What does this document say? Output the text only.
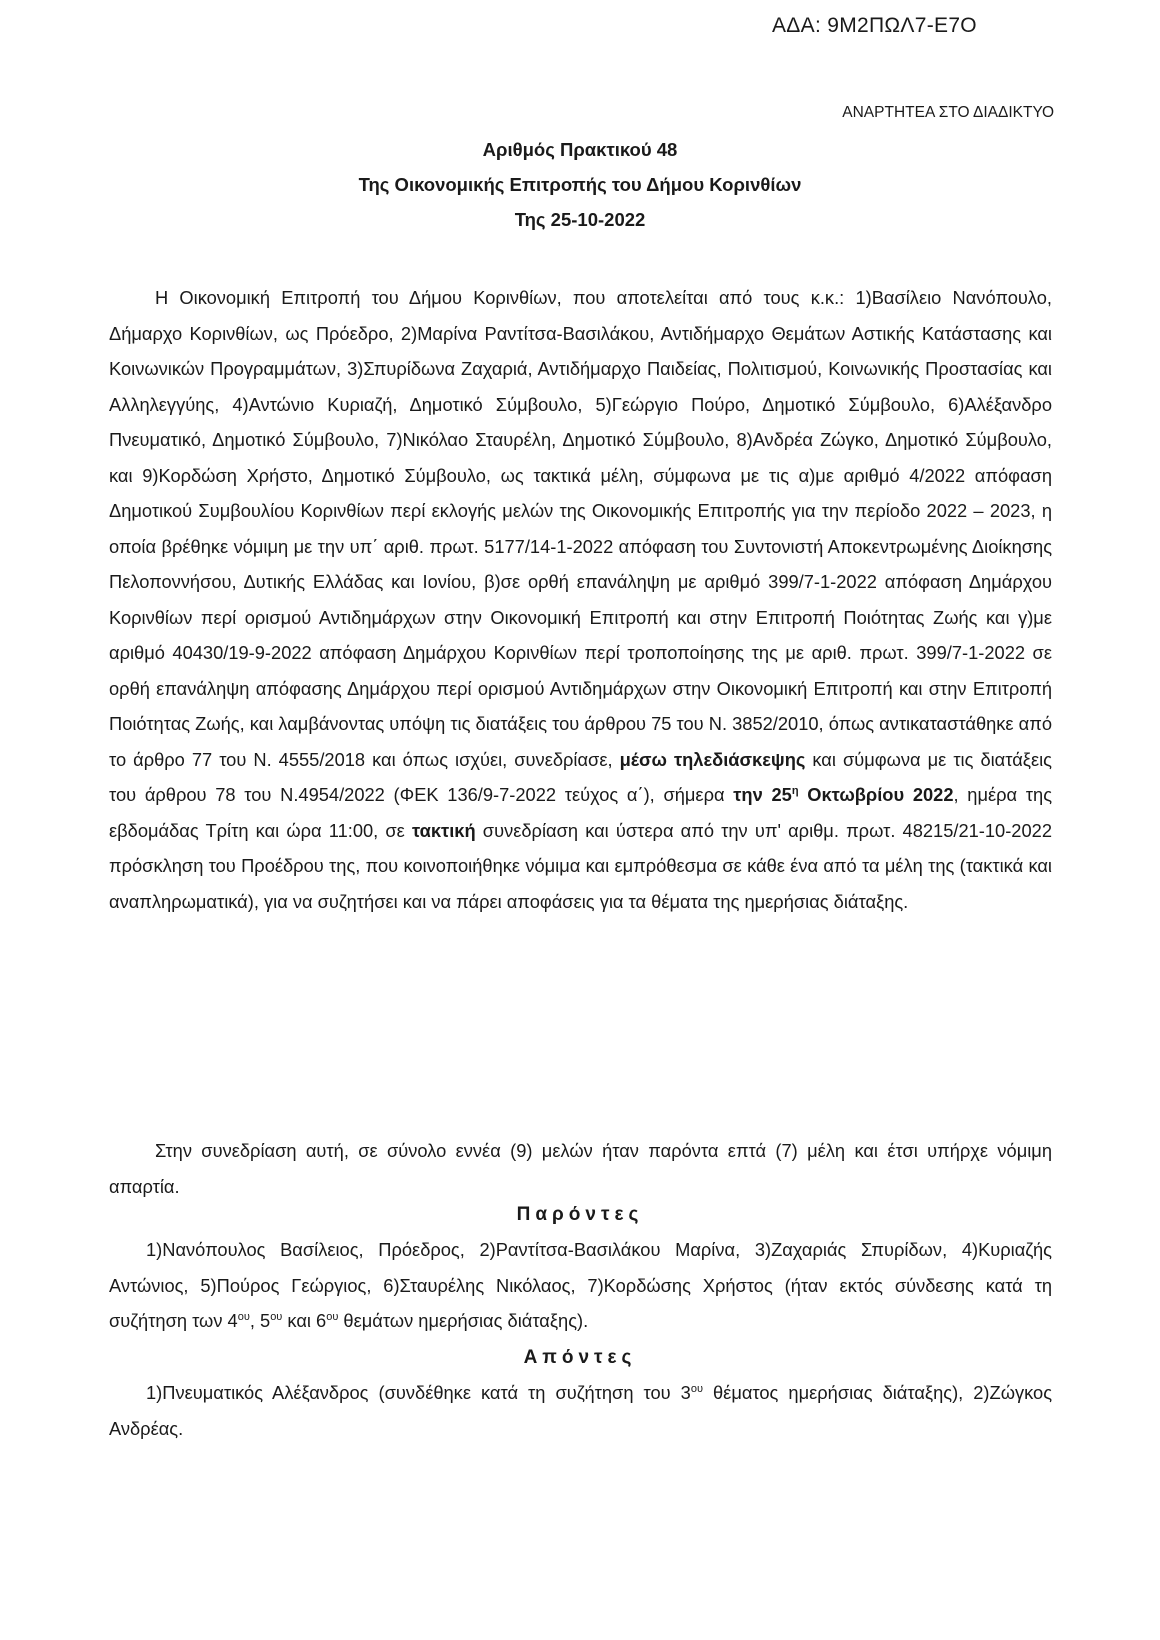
ΑΔΑ: 9Μ2ΠΩΛ7-Ε7Ο
ΑΝΑΡΤΗΤΕΑ ΣΤΟ ΔΙΑΔΙΚΤΥΟ
Αριθμός Πρακτικού 48
Της Οικονομικής Επιτροπής του Δήμου Κορινθίων
Της 25-10-2022
Η Οικονομική Επιτροπή του Δήμου Κορινθίων, που αποτελείται από τους κ.κ.: 1)Βασίλειο Νανόπουλο, Δήμαρχο Κορινθίων, ως Πρόεδρο, 2)Μαρίνα Ραντίτσα-Βασιλάκου, Αντιδήμαρχο Θεμάτων Αστικής Κατάστασης και Κοινωνικών Προγραμμάτων, 3)Σπυρίδωνα Ζαχαριά, Αντιδήμαρχο Παιδείας, Πολιτισμού, Κοινωνικής Προστασίας και Αλληλεγγύης, 4)Αντώνιο Κυριαζή, Δημοτικό Σύμβουλο, 5)Γεώργιο Πούρο, Δημοτικό Σύμβουλο, 6)Αλέξανδρο Πνευματικό, Δημοτικό Σύμβουλο, 7)Νικόλαο Σταυρέλη, Δημοτικό Σύμβουλο, 8)Ανδρέα Ζώγκο, Δημοτικό Σύμβουλο, και 9)Κορδώση Χρήστο, Δημοτικό Σύμβουλο, ως τακτικά μέλη, σύμφωνα με τις α)με αριθμό 4/2022 απόφαση Δημοτικού Συμβουλίου Κορινθίων περί εκλογής μελών της Οικονομικής Επιτροπής για την περίοδο 2022 – 2023, η οποία βρέθηκε νόμιμη με την υπ΄ αριθ. πρωτ. 5177/14-1-2022 απόφαση του Συντονιστή Αποκεντρωμένης Διοίκησης Πελοποννήσου, Δυτικής Ελλάδας και Ιονίου, β)σε ορθή επανάληψη με αριθμό 399/7-1-2022 απόφαση Δημάρχου Κορινθίων περί ορισμού Αντιδημάρχων στην Οικονομική Επιτροπή και στην Επιτροπή Ποιότητας Ζωής και γ)με αριθμό 40430/19-9-2022 απόφαση Δημάρχου Κορινθίων περί τροποποίησης της με αριθ. πρωτ. 399/7-1-2022 σε ορθή επανάληψη απόφασης Δημάρχου περί ορισμού Αντιδημάρχων στην Οικονομική Επιτροπή και στην Επιτροπή Ποιότητας Ζωής, και λαμβάνοντας υπόψη τις διατάξεις του άρθρου 75 του Ν. 3852/2010, όπως αντικαταστάθηκε από το άρθρο 77 του Ν. 4555/2018 και όπως ισχύει, συνεδρίασε, μέσω τηλεδιάσκεψης και σύμφωνα με τις διατάξεις του άρθρου 78 του Ν.4954/2022 (ΦΕΚ 136/9-7-2022 τεύχος α΄), σήμερα την $25^\eta$ Οκτωβρίου 2022, ημέρα της εβδομάδας Τρίτη και ώρα 11:00, σε τακτική συνεδρίαση και ύστερα από την υπ' αριθμ. πρωτ. 48215/21-10-2022 πρόσκληση του Προέδρου της, που κοινοποιήθηκε νόμιμα και εμπρόθεσμα σε κάθε ένα από τα μέλη της (τακτικά και αναπληρωματικά), για να συζητήσει και να πάρει αποφάσεις για τα θέματα της ημερήσιας διάταξης.
Στην συνεδρίαση αυτή, σε σύνολο εννέα (9) μελών ήταν παρόντα επτά (7) μέλη και έτσι υπήρχε νόμιμη απαρτία.
Παρόντες
1)Νανόπουλος Βασίλειος, Πρόεδρος, 2)Ραντίτσα-Βασιλάκου Μαρίνα, 3)Ζαχαριάς Σπυρίδων, 4)Κυριαζής Αντώνιος, 5)Πούρος Γεώργιος, 6)Σταυρέλης Νικόλαος, 7)Κορδώσης Χρήστος (ήταν εκτός σύνδεσης κατά τη συζήτηση των $4^{o\upsilon}$, $5^{o\upsilon}$ και $6^{o\upsilon}$ θεμάτων ημερήσιας διάταξης).
Απόντες
1)Πνευματικός Αλέξανδρος (συνδέθηκε κατά τη συζήτηση του $3^{o\upsilon}$ θέματος ημερήσιας διάταξης), 2)Ζώγκος Ανδρέας.
